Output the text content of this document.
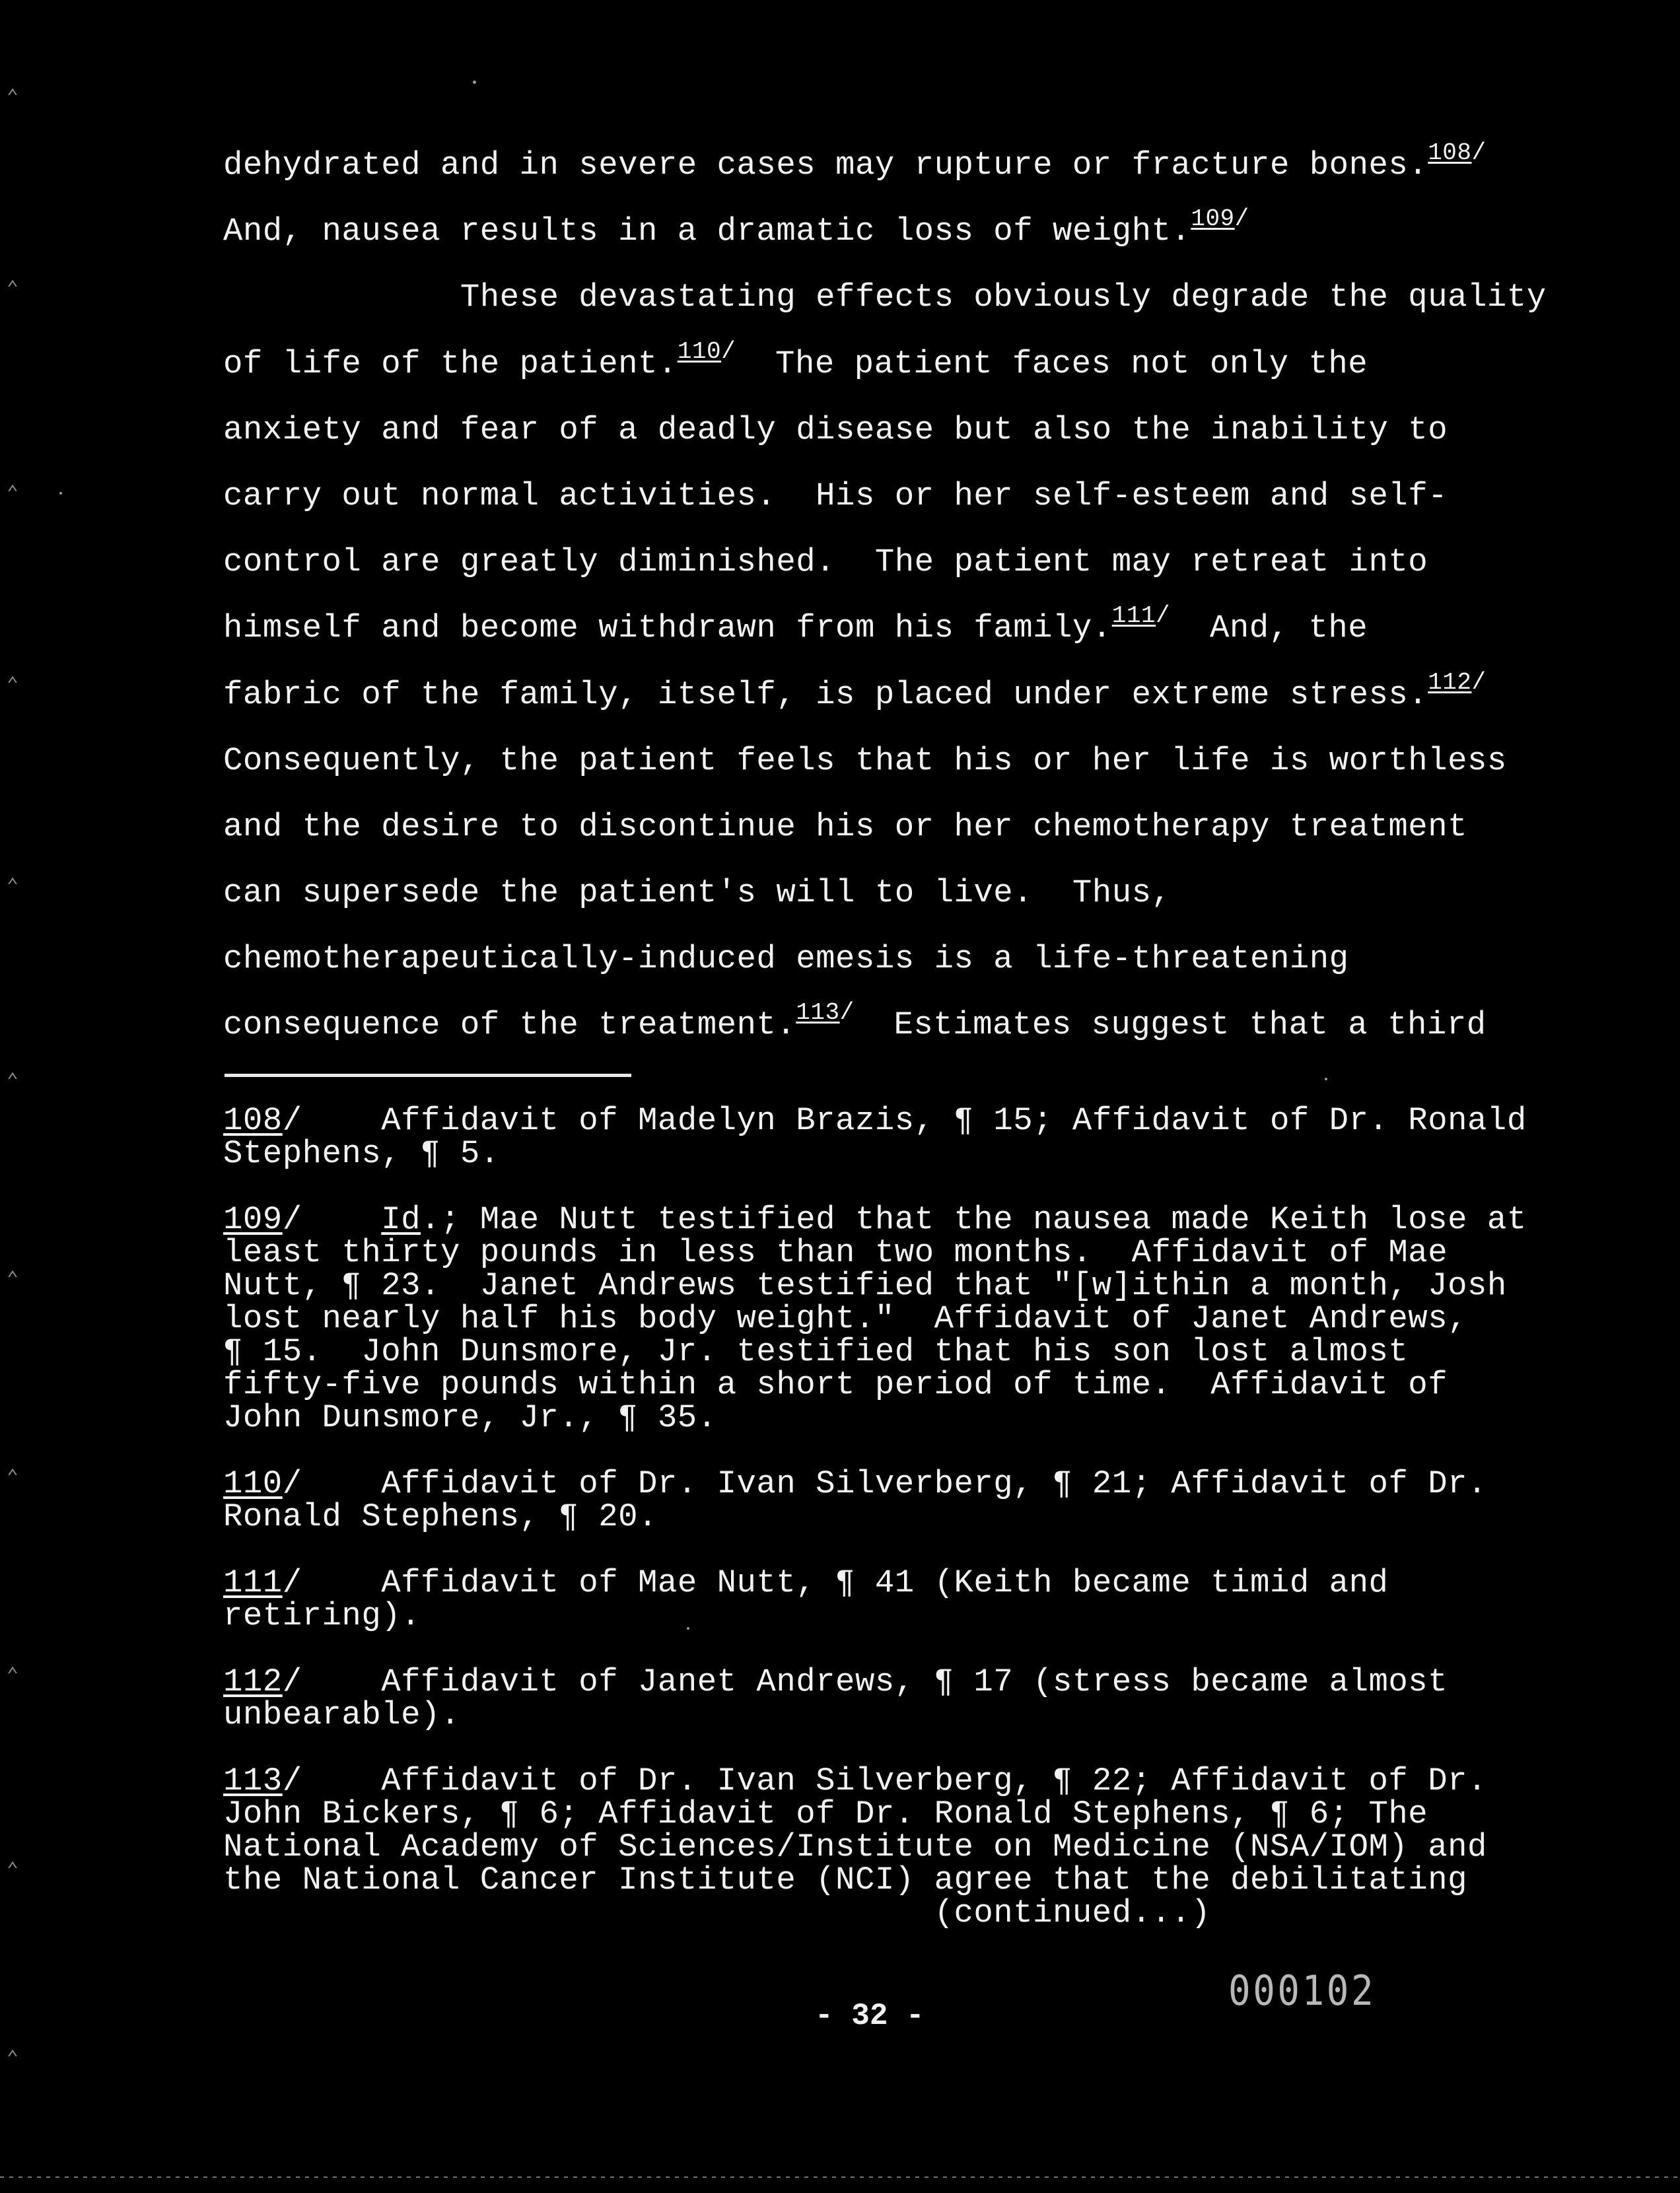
⌃
⌃
⌃
⌃
⌃
⌃
⌃
⌃
⌃
⌃
⌃
dehydrated and in severe cases may rupture or fracture bones.$^{108/}$
And, nausea results in a dramatic loss of weight.$^{109/}$
These devastating effects obviously degrade the quality
of life of the patient.$^{110/}$  The patient faces not only the
anxiety and fear of a deadly disease but also the inability to
carry out normal activities.  His or her self-esteem and self-
control are greatly diminished.  The patient may retreat into
himself and become withdrawn from his family.$^{111/}$  And, the
fabric of the family, itself, is placed under extreme stress.$^{112/}$
Consequently, the patient feels that his or her life is worthless
and the desire to discontinue his or her chemotherapy treatment
can supersede the patient's will to live.  Thus,
chemotherapeutically-induced emesis is a life-threatening
consequence of the treatment.$^{113/}$  Estimates suggest that a third
108/    Affidavit of Madelyn Brazis, ¶ 15; Affidavit of Dr. Ronald
Stephens, ¶ 5.
109/ Id.; Mae Nutt testified that the nausea made Keith lose at
least thirty pounds in less than two months.  Affidavit of Mae
Nutt, ¶ 23.  Janet Andrews testified that "[w]ithin a month, Josh
lost nearly half his body weight."  Affidavit of Janet Andrews,
¶ 15.  John Dunsmore, Jr. testified that his son lost almost
fifty-five pounds within a short period of time.  Affidavit of
John Dunsmore, Jr., ¶ 35.
110/    Affidavit of Dr. Ivan Silverberg, ¶ 21; Affidavit of Dr.
Ronald Stephens, ¶ 20.
111/    Affidavit of Mae Nutt, ¶ 41 (Keith became timid and
retiring).
112/    Affidavit of Janet Andrews, ¶ 17 (stress became almost
unbearable).
113/    Affidavit of Dr. Ivan Silverberg, ¶ 22; Affidavit of Dr.
John Bickers, ¶ 6; Affidavit of Dr. Ronald Stephens, ¶ 6; The
National Academy of Sciences/Institute on Medicine (NSA/IOM) and
the National Cancer Institute (NCI) agree that the debilitating
(continued...)
- 32 -
000102
